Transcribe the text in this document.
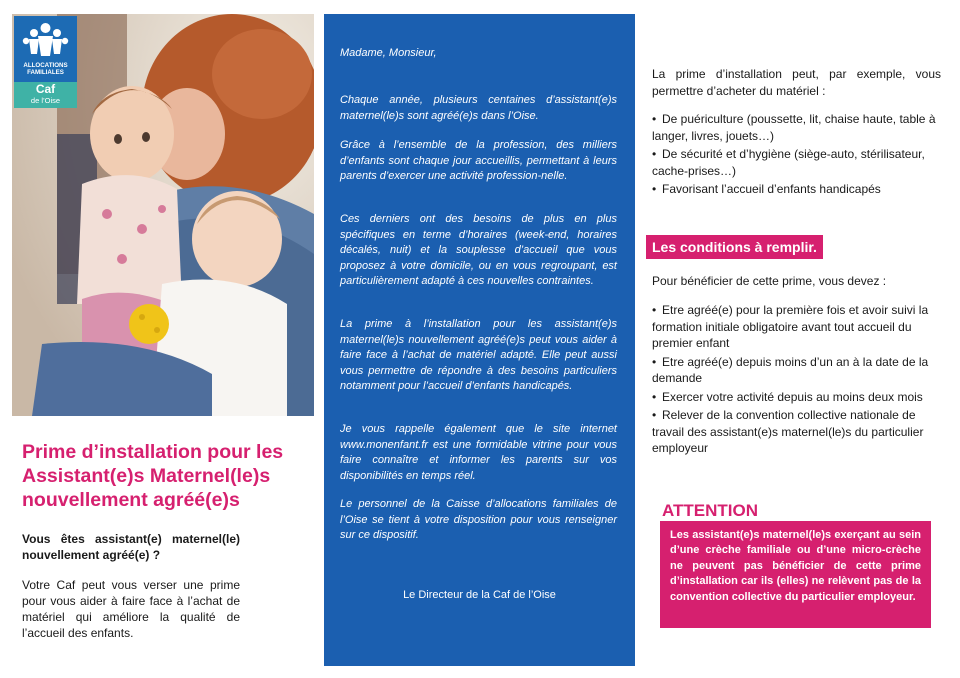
ALLOCATIONS
FAMILIALES
Caf
de l’Oise
Prime d’installation pour les Assistant(e)s Maternel(le)s nouvellement agréé(e)s

Vous êtes assistant(e) maternel(le) nouvellement agréé(e) ?

Votre Caf peut vous verser une prime pour vous aider à faire face à l’achat de matériel qui améliore la qualité de l’accueil des enfants.

Madame, Monsieur,

Chaque année, plusieurs centaines d’assistant(e)s maternel(le)s sont agréé(e)s dans l’Oise.

Grâce à l’ensemble de la profession, des milliers d’enfants sont chaque jour accueillis, permettant à leurs parents d’exercer une activité profession-nelle.

Ces derniers ont des besoins de plus en plus spécifiques en terme d’horaires (week-end, horaires décalés, nuit) et la souplesse d’accueil que vous proposez à votre domicile, ou en vous regroupant, est particulièrement adapté à ces nouvelles contraintes.

La prime à l’installation pour les assistant(e)s maternel(le)s nouvellement agréé(e)s peut vous aider à faire face à l’achat de matériel adapté. Elle peut aussi vous permettre de répondre à des besoins particuliers notamment pour l’accueil d’enfants handicapés.

Je vous rappelle également que le site internet www.monenfant.fr est une formidable vitrine pour vous faire connaître et informer les parents sur vos disponibilités en temps réel.

Le personnel de la Caisse d’allocations familiales de l’Oise se tient à votre disposition pour vous renseigner sur ce dispositif.

Le Directeur de la Caf de l’Oise

La prime d’installation peut, par exemple, vous permettre d’acheter du matériel :

• De puériculture (poussette, lit, chaise haute, table à langer, livres, jouets…)
• De sécurité et d’hygiène (siège-auto, stérilisateur, cache-prises…)
• Favorisant l’accueil d’enfants handicapés
Les conditions à remplir.

Pour bénéficier de cette prime, vous devez :

• Etre agréé(e) pour la première fois et avoir suivi la formation initiale obligatoire avant tout accueil du premier enfant
• Etre agréé(e) depuis moins d’un an à la date de la demande
• Exercer votre activité depuis au moins deux mois
• Relever de la convention collective nationale de travail des assistant(e)s maternel(le)s du particulier employeur
ATTENTION
Les assistant(e)s maternel(le)s exerçant au sein d’une crèche familiale ou d’une micro-crèche ne peuvent pas bénéficier de cette prime d’installation car ils (elles) ne relèvent pas de la convention collective du particulier employeur.
